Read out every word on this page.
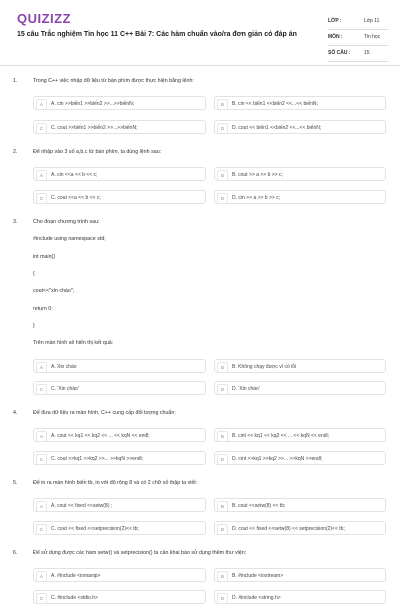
QUIZIZZ
15 câu Trắc nghiệm Tin học 11 C++ Bài 7: Các hàm chuẩn vào/ra đơn giản có đáp án
LỚP :	Lớp 11
MÔN :	Tin học
SỐ CÂU :	15
1.	Trong C++ việc nhập dữ liệu từ bàn phím được thực hiện bằng lệnh:
A	A. cin >>biến1 >>biến2 >>...>>biếnN;	B	B. cin << biến1 <<biến2 <<...<< biếnN;
C	C. cout >>biến1 >>biến2 >>...>>biếnN;	D	D. cout << biến1 <<biến2 <<...<< biếnN;
2.	Để nhập vào 3 số a,b,c từ bàn phím, ta dùng lệnh sau:
A	A. cin <<a << b << c;	B	B. cout >> a >> b >> c;
C	C. cout <<a << b << c;	D	D. cin >> a >> b >> c;
3.	Cho đoạn chương trình sau:
#include using namespace std;
int main()
{
cout<<"xin chào";
return 0;
}
Trên màn hình sẽ hiển thị kết quả:
A	A. Xin chào	B	B. Không chạy được vì có lỗi
C	C. 'Xin chào'	D	D. 'Xin chào'
4.	Để đưa dữ liệu ra màn hình, C++ cung cấp đối tượng chuẩn:
A	A. cout << kq1 << kq2 << ... << kqN << endl;	B	B. cint << kq1 << kq2 << ... << kqN << endl;
C	C. cout >>kq1 >>kq2 >>... >>kqN >>endl;	D	D. cint >>kq1 >>kq2 >>... >>kqN >>endl;
5.	Để in ra màn hình biến tb, in với độ rộng 8 và có 2 chữ số thập ta viết:
A	A. cout << fixed <<setw(8) ;	B	B. cout <<setw(8) << tb;
C	C. cout << fixed <<setprecision(2)<< tb;	D	D. cout << fixed <<setw(8) << setprecision(2)<< tb;
6.	Để sử dụng được các hàm setw() và setprecision() ta cần khai báo sử dụng thêm thư viện:
A	A. #include <iomanip>	B	B. #include <iostream>
C	C. #include <stdio.h>	D	D. #include <string.h>
